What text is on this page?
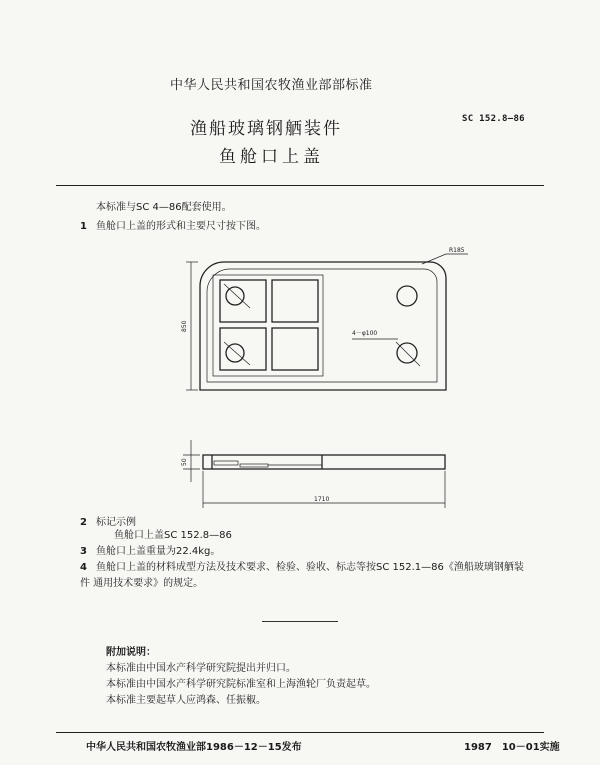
中华人民共和国农牧渔业部部标准
渔船玻璃钢舾装件
鱼舱口上盖
SC 152.8—86
本标准与SC 4—86配套使用。
1 鱼舱口上盖的形式和主要尺寸按下图。
R185
4－φ100
850
50
1710
2 标记示例
鱼舱口上盖SC 152.8—86
3 鱼舱口上盖重量为22.4kg。
4 鱼舱口上盖的材料成型方法及技术要求、检验、验收、标志等按SC 152.1—86《渔船玻璃钢舾装
件 通用技术要求》的规定。
附加说明：
本标准由中国水产科学研究院提出并归口。
本标准由中国水产科学研究院标准室和上海渔轮厂负责起草。
本标准主要起草人应鸿森、任振椒。
中华人民共和国农牧渔业部1986－12－15发布	1987　10－01实施
